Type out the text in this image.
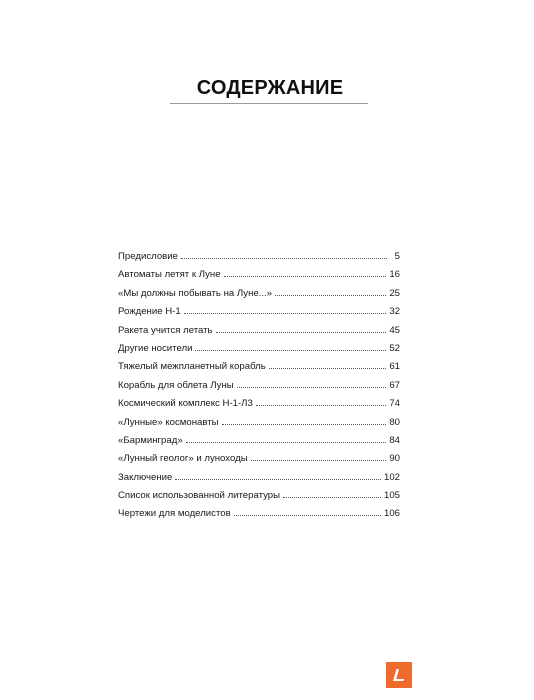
СОДЕРЖАНИЕ
Предисловие	5
Автоматы летят к Луне	16
«Мы должны побывать на Луне...»	25
Рождение Н-1	32
Ракета учится летать	45
Другие носители	52
Тяжелый межпланетный корабль	61
Корабль для облета Луны	67
Космический комплекс Н-1-Л3	74
«Лунные» космонавты	80
«Барминград»	84
«Лунный геолог» и луноходы	90
Заключение	102
Список использованной литературы	105
Чертежи для моделистов	106
